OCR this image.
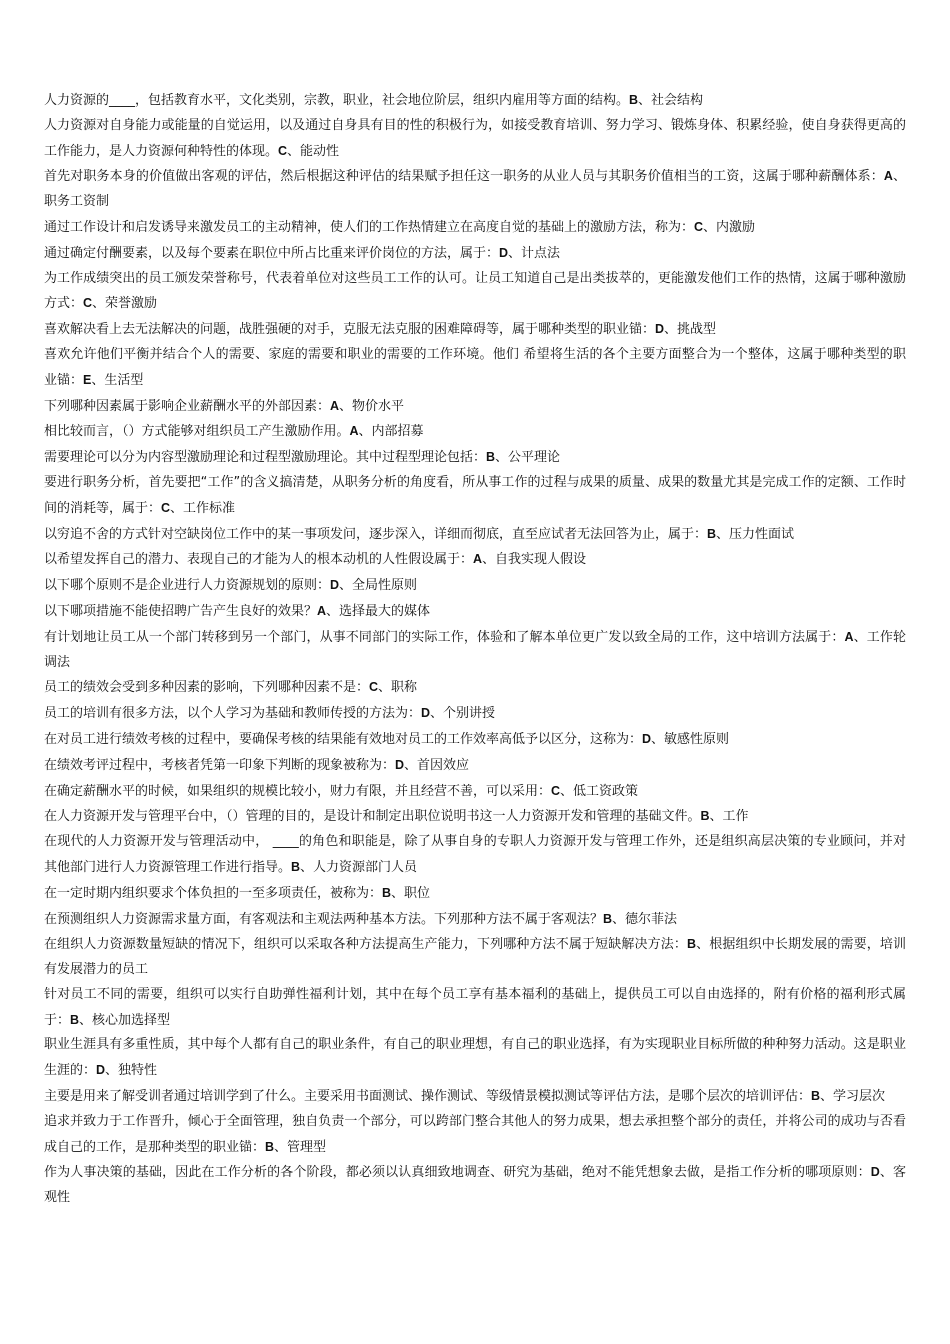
人力资源的____，包括教育水平，文化类别，宗教，职业，社会地位阶层，组织内雇用等方面的结构。B、社会结构

人力资源对自身能力或能量的自觉运用，以及通过自身具有目的性的积极行为，如接受教育培训、努力学习、锻炼身体、积累经验，使自身获得更高的工作能力，是人力资源何种特性的体现。C、能动性

首先对职务本身的价值做出客观的评估，然后根据这种评估的结果赋予担任这一职务的从业人员与其职务价值相当的工资，这属于哪种薪酬体系：A、职务工资制

通过工作设计和启发诱导来激发员工的主动精神，使人们的工作热情建立在高度自觉的基础上的激励方法，称为：C、内激励

通过确定付酬要素，以及每个要素在职位中所占比重来评价岗位的方法，属于：D、计点法

为工作成绩突出的员工颁发荣誉称号，代表着单位对这些员工工作的认可。让员工知道自己是出类拔萃的，更能激发他们工作的热情，这属于哪种激励方式：C、荣誉激励

喜欢解决看上去无法解决的问题，战胜强硬的对手，克服无法克服的困难障碍等，属于哪种类型的职业锚：D、挑战型

喜欢允许他们平衡并结合个人的需要、家庭的需要和职业的需要的工作环境。他们 希望将生活的各个主要方面整合为一个整体，这属于哪种类型的职业锚：E、生活型

下列哪种因素属于影响企业薪酬水平的外部因素：A、物价水平

相比较而言，（）方式能够对组织员工产生激励作用。A、内部招募

需要理论可以分为内容型激励理论和过程型激励理论。其中过程型理论包括：B、公平理论

要进行职务分析，首先要把“工作”的含义搞清楚，从职务分析的角度看，所从事工作的过程与成果的质量、成果的数量尤其是完成工作的定额、工作时间的消耗等，属于：C、工作标准

以穷追不舍的方式针对空缺岗位工作中的某一事项发问，逐步深入，详细而彻底，直至应试者无法回答为止，属于：B、压力性面试

以希望发挥自己的潜力、表现自己的才能为人的根本动机的人性假设属于：A、自我实现人假设

以下哪个原则不是企业进行人力资源规划的原则：D、全局性原则

以下哪项措施不能使招聘广告产生良好的效果？A、选择最大的媒体

有计划地让员工从一个部门转移到另一个部门，从事不同部门的实际工作，体验和了解本单位更广发以致全局的工作，这中培训方法属于：A、工作轮调法

员工的绩效会受到多种因素的影响，下列哪种因素不是：C、职称

员工的培训有很多方法，以个人学习为基础和教师传授的方法为：D、个别讲授

在对员工进行绩效考核的过程中，要确保考核的结果能有效地对员工的工作效率高低予以区分，这称为：D、敏感性原则

在绩效考评过程中，考核者凭第一印象下判断的现象被称为：D、首因效应

在确定薪酬水平的时候，如果组织的规模比较小，财力有限，并且经营不善，可以采用：C、低工资政策

在人力资源开发与管理平台中，（）管理的目的，是设计和制定出职位说明书这一人力资源开发和管理的基础文件。B、工作

在现代的人力资源开发与管理活动中， ____的角色和职能是，除了从事自身的专职人力资源开发与管理工作外，还是组织高层决策的专业顾问，并对其他部门进行人力资源管理工作进行指导。B、人力资源部门人员

在一定时期内组织要求个体负担的一至多项责任，被称为：B、职位

在预测组织人力资源需求量方面，有客观法和主观法两种基本方法。下列那种方法不属于客观法？B、德尔菲法

在组织人力资源数量短缺的情况下，组织可以采取各种方法提高生产能力，下列哪种方法不属于短缺解决方法：B、根据组织中长期发展的需要，培训有发展潜力的员工

针对员工不同的需要，组织可以实行自助弹性福利计划，其中在每个员工享有基本福利的基础上，提供员工可以自由选择的，附有价格的福利形式属于：B、核心加选择型

职业生涯具有多重性质，其中每个人都有自己的职业条件，有自己的职业理想，有自己的职业选择，有为实现职业目标所做的种种努力活动。这是职业生涯的：D、独特性

主要是用来了解受训者通过培训学到了什么。主要采用书面测试、操作测试、等级情景模拟测试等评估方法，是哪个层次的培训评估：B、学习层次

追求并致力于工作晋升，倾心于全面管理，独自负责一个部分，可以跨部门整合其他人的努力成果，想去承担整个部分的责任，并将公司的成功与否看成自己的工作，是那种类型的职业锚：B、管理型

作为人事决策的基础，因此在工作分析的各个阶段，都必须以认真细致地调查、研究为基础，绝对不能凭想象去做，是指工作分析的哪项原则：D、客观性
